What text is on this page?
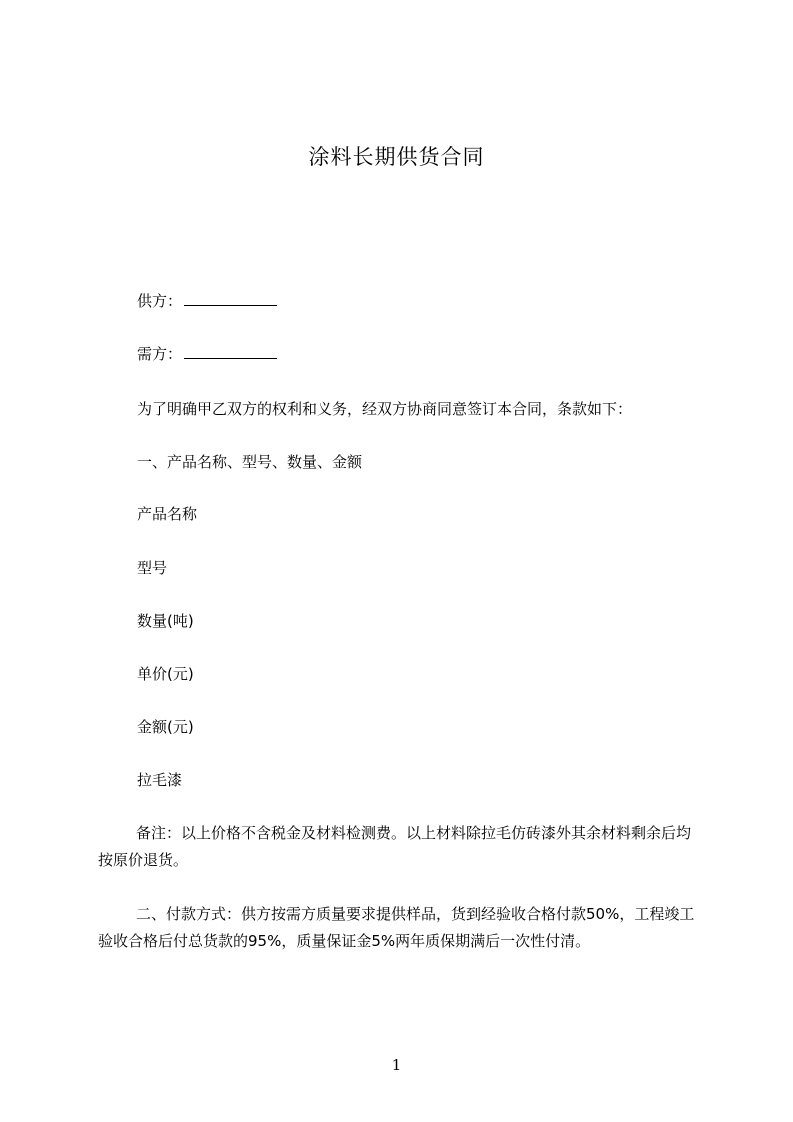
涂料长期供货合同
供方：
需方：
为了明确甲乙双方的权利和义务，经双方协商同意签订本合同，条款如下：
一、产品名称、型号、数量、金额
产品名称
型号
数量(吨)
单价(元)
金额(元)
拉毛漆
备注：以上价格不含税金及材料检测费。以上材料除拉毛仿砖漆外其余材料剩余后均按原价退货。
二、付款方式：供方按需方质量要求提供样品，货到经验收合格付款50%，工程竣工验收合格后付总货款的95%，质量保证金5%两年质保期满后一次性付清。
1
